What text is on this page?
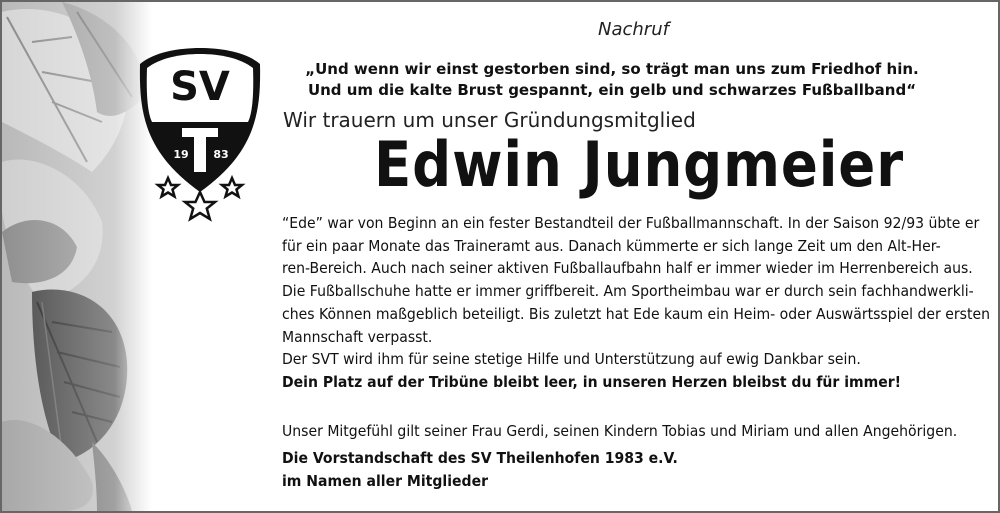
SV
19 83
Nachruf
„Und wenn wir einst gestorben sind, so trägt man uns zum Friedhof hin.
Und um die kalte Brust gespannt, ein gelb und schwarzes Fußballband“
Wir trauern um unser Gründungsmitglied
Edwin Jungmeier
“Ede” war von Beginn an ein fester Bestandteil der Fußballmannschaft. In der Saison 92/93 übte er
für ein paar Monate das Traineramt aus. Danach kümmerte er sich lange Zeit um den Alt-Her-
ren-Bereich. Auch nach seiner aktiven Fußballaufbahn half er immer wieder im Herrenbereich aus.
Die Fußballschuhe hatte er immer griffbereit. Am Sportheimbau war er durch sein fachhandwerkli-
ches Können maßgeblich beteiligt. Bis zuletzt hat Ede kaum ein Heim- oder Auswärtsspiel der ersten
Mannschaft verpasst.
Der SVT wird ihm für seine stetige Hilfe und Unterstützung auf ewig Dankbar sein.
Dein Platz auf der Tribüne bleibt leer, in unseren Herzen bleibst du für immer!
Unser Mitgefühl gilt seiner Frau Gerdi, seinen Kindern Tobias und Miriam und allen Angehörigen.
Die Vorstandschaft des SV Theilenhofen 1983 e.V.
im Namen aller Mitglieder
